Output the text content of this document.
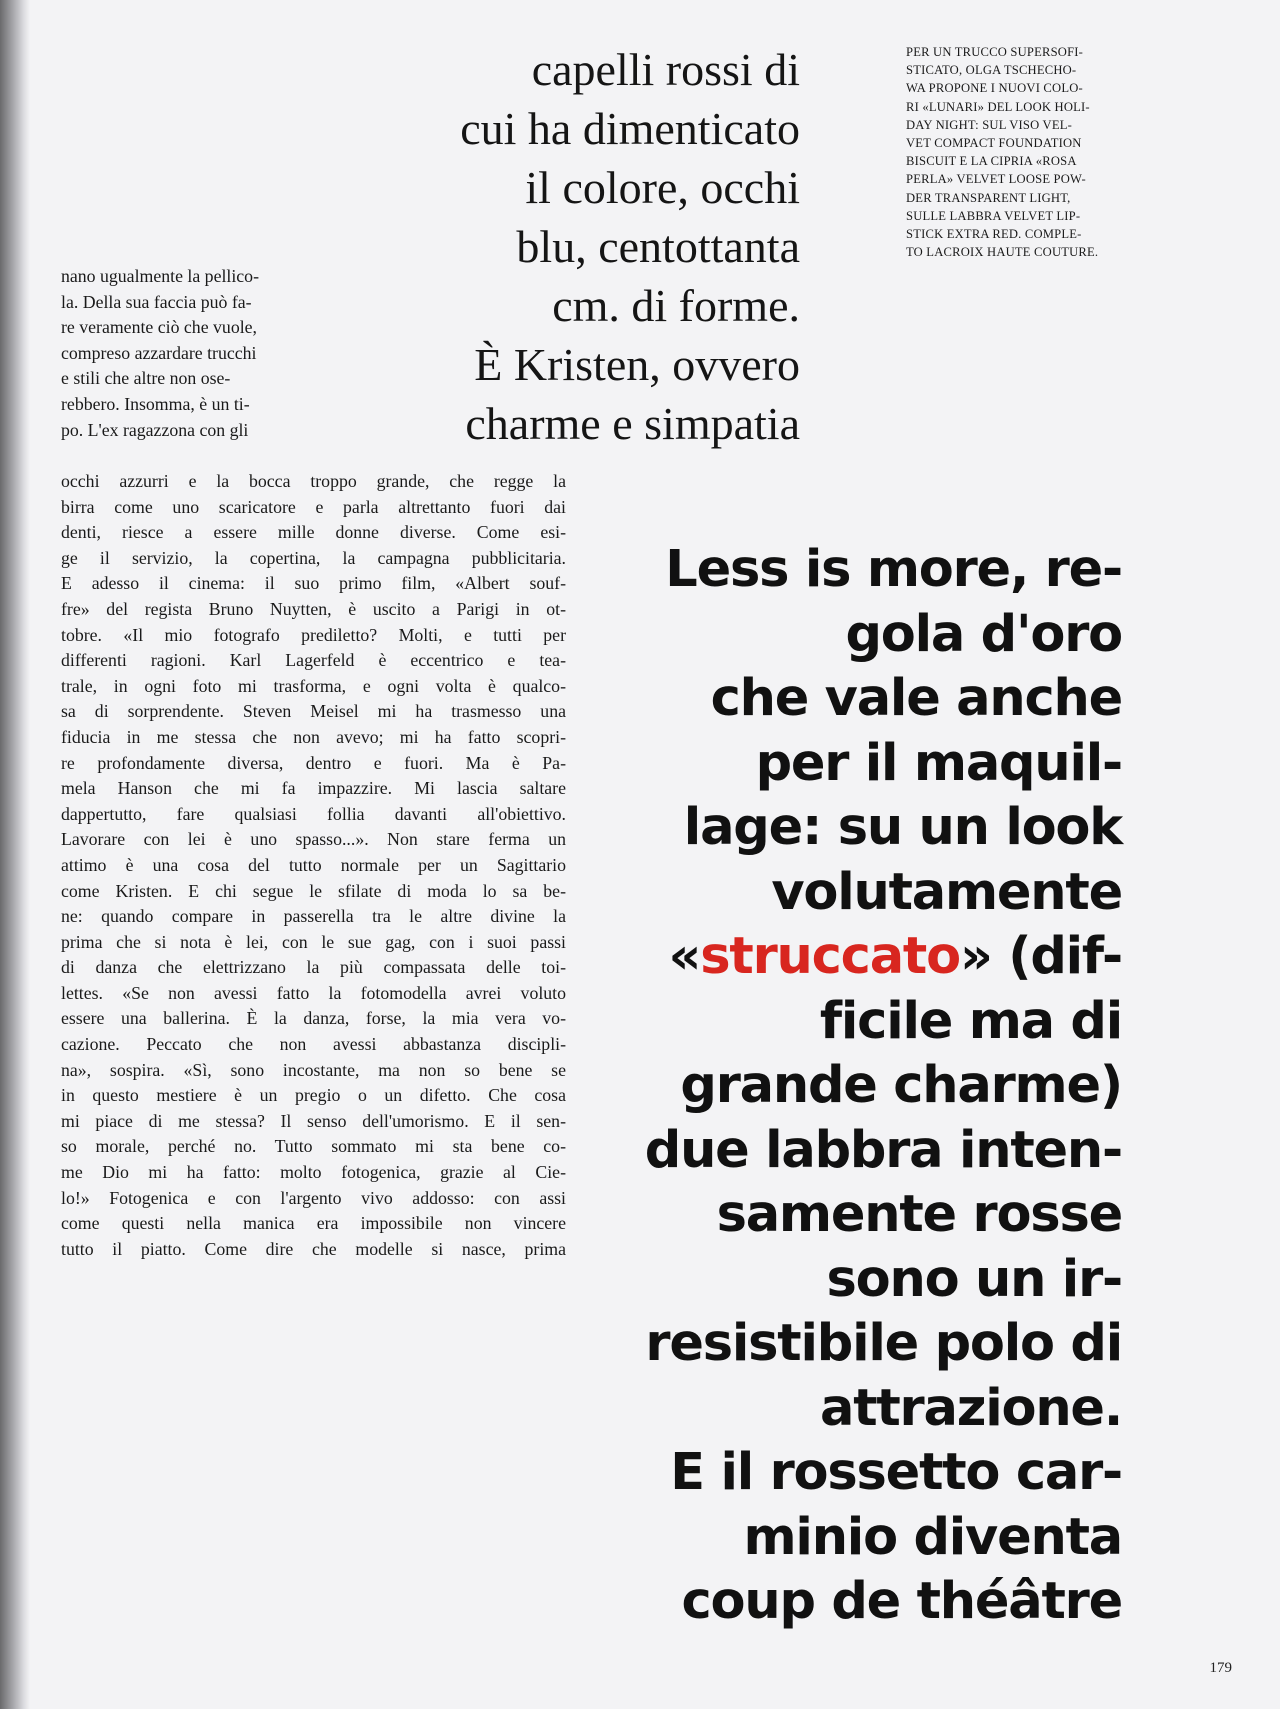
capelli rossi di
cui ha dimenticato
il colore, occhi
blu, centottanta
cm. di forme.
È Kristen, ovvero
charme e simpatia
PER UN TRUCCO SUPERSOFI-
STICATO, OLGA TSCHECHO-
WA PROPONE I NUOVI COLO-
RI «LUNARI» DEL LOOK HOLI-
DAY NIGHT: SUL VISO VEL-
VET COMPACT FOUNDATION
BISCUIT E LA CIPRIA «ROSA
PERLA» VELVET LOOSE POW-
DER TRANSPARENT LIGHT,
SULLE LABBRA VELVET LIP-
STICK EXTRA RED. COMPLE-
TO LACROIX HAUTE COUTURE.
nano ugualmente la pellico-
la. Della sua faccia può fa-
re veramente ciò che vuole,
compreso azzardare trucchi
e stili che altre non ose-
rebbero. Insomma, è un ti-
po. L'ex ragazzona con gli
occhi azzurri e la bocca troppo grande, che regge la
birra come uno scaricatore e parla altrettanto fuori dai
denti, riesce a essere mille donne diverse. Come esi-
ge il servizio, la copertina, la campagna pubblicitaria.
E adesso il cinema: il suo primo film, «Albert souf-
fre» del regista Bruno Nuytten, è uscito a Parigi in ot-
tobre. «Il mio fotografo prediletto? Molti, e tutti per
differenti ragioni. Karl Lagerfeld è eccentrico e tea-
trale, in ogni foto mi trasforma, e ogni volta è qualco-
sa di sorprendente. Steven Meisel mi ha trasmesso una
fiducia in me stessa che non avevo; mi ha fatto scopri-
re profondamente diversa, dentro e fuori. Ma è Pa-
mela Hanson che mi fa impazzire. Mi lascia saltare
dappertutto, fare qualsiasi follia davanti all'obiettivo.
Lavorare con lei è uno spasso...». Non stare ferma un
attimo è una cosa del tutto normale per un Sagittario
come Kristen. E chi segue le sfilate di moda lo sa be-
ne: quando compare in passerella tra le altre divine la
prima che si nota è lei, con le sue gag, con i suoi passi
di danza che elettrizzano la più compassata delle toi-
lettes. «Se non avessi fatto la fotomodella avrei voluto
essere una ballerina. È la danza, forse, la mia vera vo-
cazione. Peccato che non avessi abbastanza discipli-
na», sospira. «Sì, sono incostante, ma non so bene se
in questo mestiere è un pregio o un difetto. Che cosa
mi piace di me stessa? Il senso dell'umorismo. E il sen-
so morale, perché no. Tutto sommato mi sta bene co-
me Dio mi ha fatto: molto fotogenica, grazie al Cie-
lo!» Fotogenica e con l'argento vivo addosso: con assi
come questi nella manica era impossibile non vincere
tutto il piatto. Come dire che modelle si nasce, prima
Less is more, re-
gola d'oro
che vale anche
per il maquil-
lage: su un look
volutamente
«struccato» (dif-
ficile ma di
grande charme)
due labbra inten-
samente rosse
sono un ir-
resistibile polo di
attrazione.
E il rossetto car-
minio diventa
coup de théâtre
179
